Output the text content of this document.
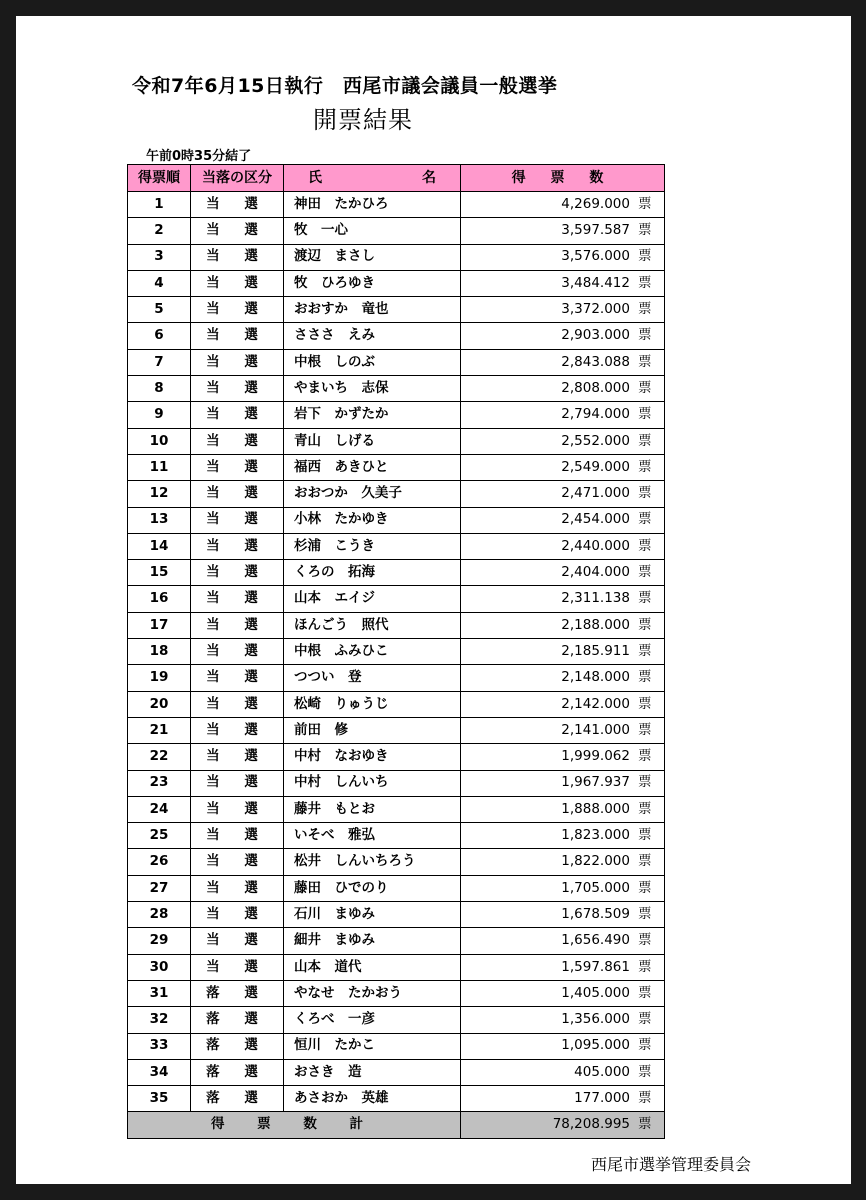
令和7年6月15日執行　西尾市議会議員一般選挙
開票結果
午前0時35分結了
得票順	当落の区分	氏　　名	得 票 数
1	当 選	神田　たかひろ	4,269.000 票
2	当 選	牧　一心	3,597.587 票
3	当 選	渡辺　まさし	3,576.000 票
4	当 選	牧　ひろゆき	3,484.412 票
5	当 選	おおすか　竜也	3,372.000 票
6	当 選	さささ　えみ	2,903.000 票
7	当 選	中根　しのぶ	2,843.088 票
8	当 選	やまいち　志保	2,808.000 票
9	当 選	岩下　かずたか	2,794.000 票
10	当 選	青山　しげる	2,552.000 票
11	当 選	福西　あきひと	2,549.000 票
12	当 選	おおつか　久美子	2,471.000 票
13	当 選	小林　たかゆき	2,454.000 票
14	当 選	杉浦　こうき	2,440.000 票
15	当 選	くろの　拓海	2,404.000 票
16	当 選	山本　エイジ	2,311.138 票
17	当 選	ほんごう　照代	2,188.000 票
18	当 選	中根　ふみひこ	2,185.911 票
19	当 選	つつい　登	2,148.000 票
20	当 選	松崎　りゅうじ	2,142.000 票
21	当 選	前田　修	2,141.000 票
22	当 選	中村　なおゆき	1,999.062 票
23	当 選	中村　しんいち	1,967.937 票
24	当 選	藤井　もとお	1,888.000 票
25	当 選	いそべ　雅弘	1,823.000 票
26	当 選	松井　しんいちろう	1,822.000 票
27	当 選	藤田　ひでのり	1,705.000 票
28	当 選	石川　まゆみ	1,678.509 票
29	当 選	細井　まゆみ	1,656.490 票
30	当 選	山本　道代	1,597.861 票
31	落 選	やなせ　たかおう	1,405.000 票
32	落 選	くろべ　一彦	1,356.000 票
33	落 選	恒川　たかこ	1,095.000 票
34	落 選	おさき　造	405.000 票
35	落 選	あさおか　英雄	177.000 票
得 票 数 計			78,208.995 票
西尾市選挙管理委員会
